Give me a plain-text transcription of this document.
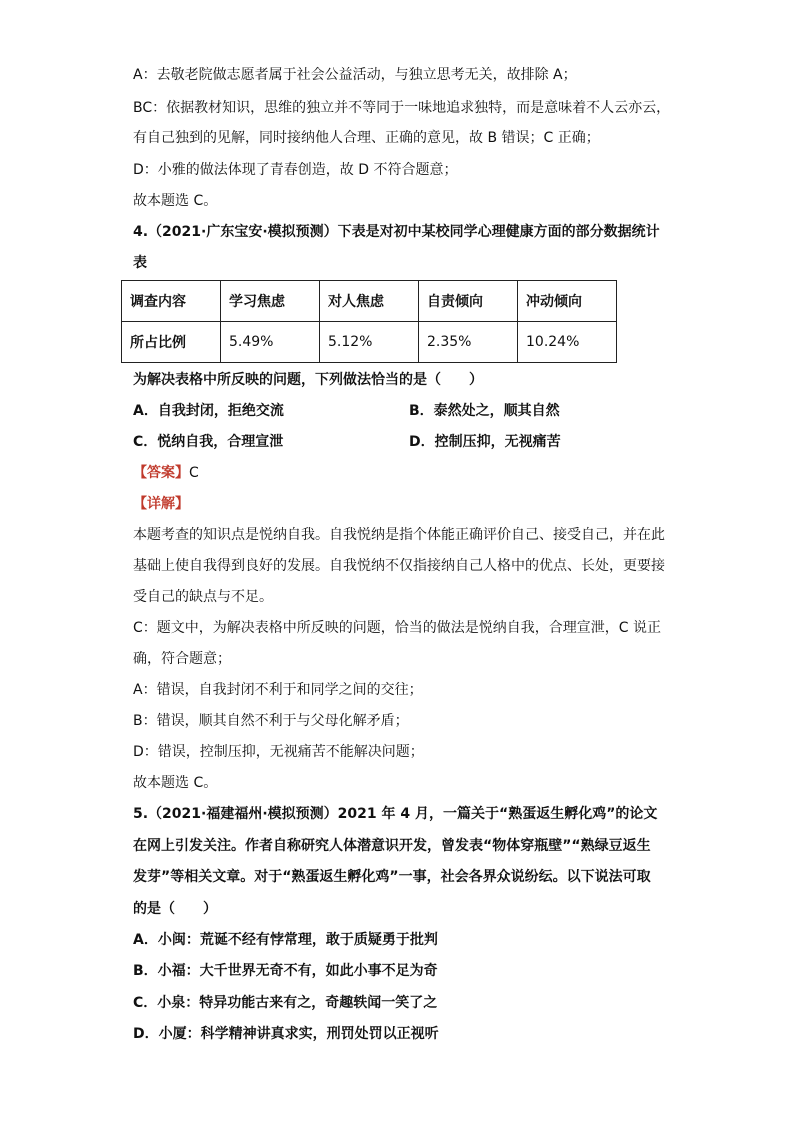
A：去敬老院做志愿者属于社会公益活动，与独立思考无关，故排除 A；
BC：依据教材知识，思维的独立并不等同于一味地追求独特，而是意味着不人云亦云，
有自己独到的见解，同时接纳他人合理、正确的意见，故 B 错误；C 正确；
D：小雅的做法体现了青春创造，故 D 不符合题意；
故本题选 C。
4.（2021·广东宝安·模拟预测）下表是对初中某校同学心理健康方面的部分数据统计
表
调查内容	学习焦虑	对人焦虑	自责倾向	冲动倾向
所占比例	5.49%	5.12%	2.35%	10.24%
为解决表格中所反映的问题，下列做法恰当的是（　　）
A．自我封闭，拒绝交流	B．泰然处之，顺其自然
C．悦纳自我，合理宣泄	D．控制压抑，无视痛苦
【答案】C
【详解】
本题考查的知识点是悦纳自我。自我悦纳是指个体能正确评价自己、接受自己，并在此
基础上使自我得到良好的发展。自我悦纳不仅指接纳自己人格中的优点、长处，更要接
受自己的缺点与不足。
C：题文中，为解决表格中所反映的问题，恰当的做法是悦纳自我，合理宣泄，C 说正
确，符合题意；
A：错误，自我封闭不利于和同学之间的交往；
B：错误，顺其自然不利于与父母化解矛盾；
D：错误，控制压抑，无视痛苦不能解决问题；
故本题选 C。
5.（2021·福建福州·模拟预测）2021 年 4 月，一篇关于“熟蛋返生孵化鸡”的论文
在网上引发关注。作者自称研究人体潜意识开发，曾发表“物体穿瓶壁”“熟绿豆返生
发芽”等相关文章。对于“熟蛋返生孵化鸡”一事，社会各界众说纷纭。以下说法可取
的是（　　）
A．小闽：荒诞不经有悖常理，敢于质疑勇于批判
B．小福：大千世界无奇不有，如此小事不足为奇
C．小泉：特异功能古来有之，奇趣轶闻一笑了之
D．小厦：科学精神讲真求实，刑罚处罚以正视听
